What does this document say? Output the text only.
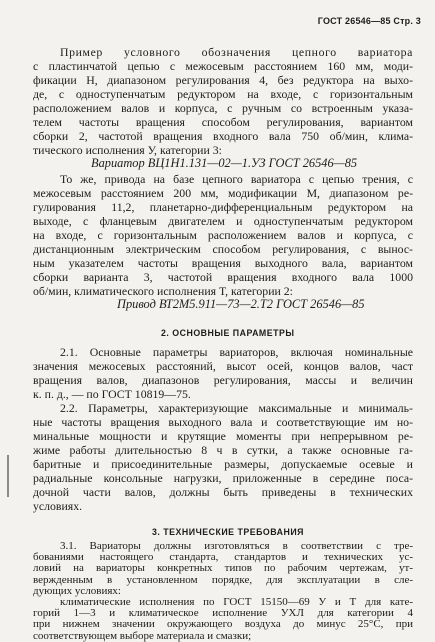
ГОСТ 26546—85 Стр. 3
Пример условного обозначения цепного вариатора
с пластинчатой цепью с межосевым расстоянием 160 мм, моди-
фикации Н, диапазоном регулирования 4, без редуктора на выхо-
де, с одноступенчатым редуктором на входе, с горизонтальным
расположением валов и корпуса, с ручным со встроенным указа-
телем частоты вращения способом регулирования, вариантом
сборки 2, частотой вращения входного вала 750 об/мин, клима-
тического исполнения У, категории 3:
Вариатор ВЦ1Н1.131—02—1.УЗ ГОСТ 26546—85
То же, привода на базе цепного вариатора с цепью трения, с
межосевым расстоянием 200 мм, модификации М, диапазоном ре-
гулирования 11,2, планетарно-дифференциальным редуктором на
выходе, с фланцевым двигателем и одноступенчатым редуктором
на входе, с горизонтальным расположением валов и корпуса, с
дистанционным электрическим способом регулирования, с вынос-
ным указателем частоты вращения выходного вала, вариантом
сборки варианта 3, частотой вращения входного вала 1000
об/мин, климатического исполнения Т, категории 2:
Привод ВТ2М5.911—73—2.Т2 ГОСТ 26546—85
2. ОСНОВНЫЕ ПАРАМЕТРЫ
2.1. Основные параметры вариаторов, включая номинальные
значения межосевых расстояний, высот осей, концов валов, част
вращения валов, диапазонов регулирования, массы и величин
к. п. д., — по ГОСТ 10819—75.
2.2. Параметры, характеризующие максимальные и минималь-
ные частоты вращения выходного вала и соответствующие им но-
минальные мощности и крутящие моменты при непрерывном ре-
жиме работы длительностью 8 ч в сутки, а также основные га-
баритные и присоединительные размеры, допускаемые осевые и
радиальные консольные нагрузки, приложенные в середине поса-
дочной части валов, должны быть приведены в технических
условиях.
3. ТЕХНИЧЕСКИЕ ТРЕБОВАНИЯ
3.1. Вариаторы должны изготовляться в соответствии с тре-
бованиями настоящего стандарта, стандартов и технических ус-
ловий на вариаторы конкретных типов по рабочим чертежам, ут-
вержденным в установленном порядке, для эксплуатации в сле-
дующих условиях:
климатические исполнения по ГОСТ 15150—69 У и Т для кате-
горий 1—3 и климатическое исполнение УХЛ для категории 4
при нижнем значении окружающего воздуха до минус 25°С, при
соответствующем выборе материала и смазки;
